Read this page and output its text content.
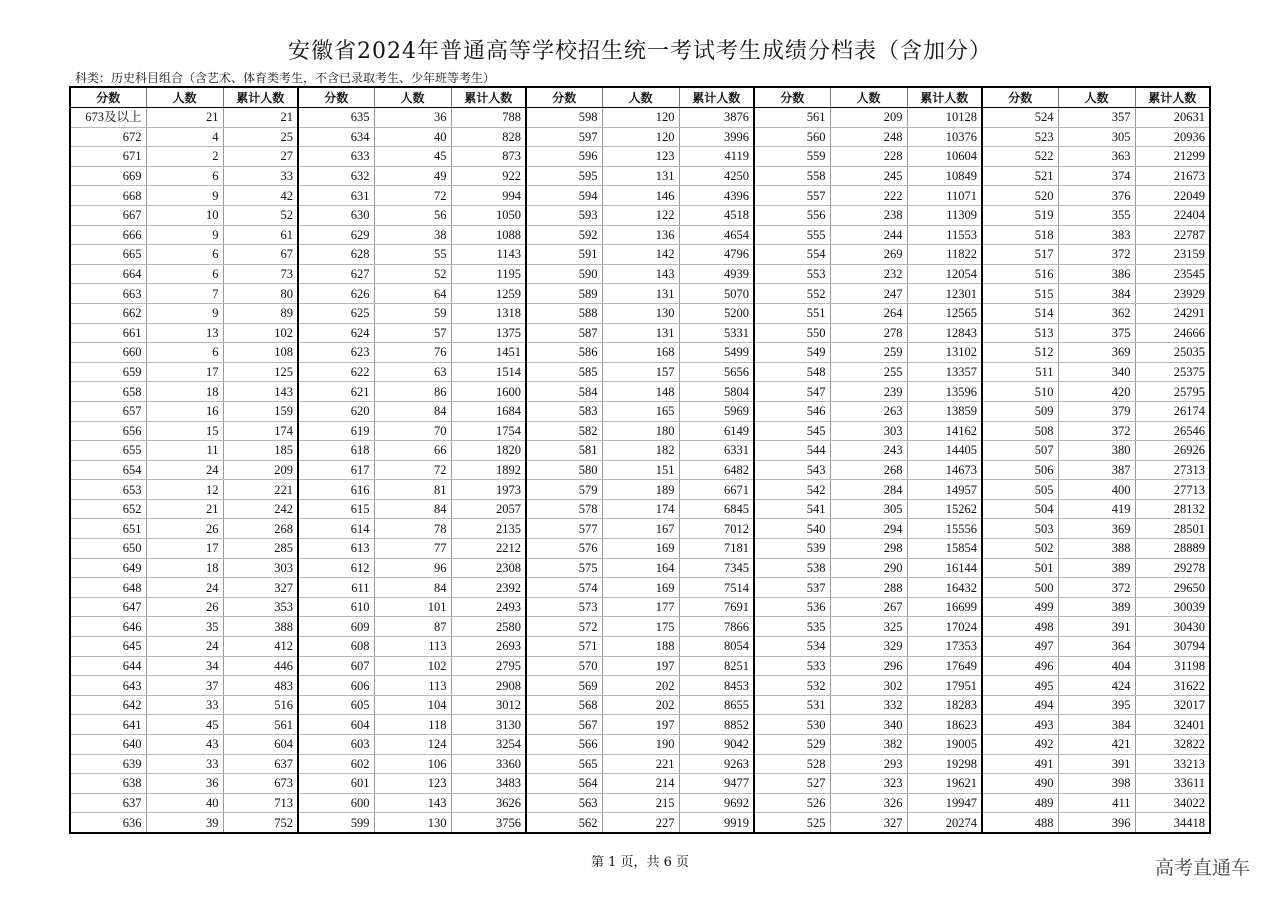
安徽省2024年普通高等学校招生统一考试考生成绩分档表（含加分）
科类：历史科目组合（含艺术、体育类考生，不含已录取考生、少年班等考生）
分数	人数	累计人数	分数	人数	累计人数	分数	人数	累计人数	分数	人数	累计人数	分数	人数	累计人数
673及以上	21	21	635	36	788	598	120	3876	561	209	10128	524	357	20631
672	4	25	634	40	828	597	120	3996	560	248	10376	523	305	20936
671	2	27	633	45	873	596	123	4119	559	228	10604	522	363	21299
669	6	33	632	49	922	595	131	4250	558	245	10849	521	374	21673
668	9	42	631	72	994	594	146	4396	557	222	11071	520	376	22049
667	10	52	630	56	1050	593	122	4518	556	238	11309	519	355	22404
666	9	61	629	38	1088	592	136	4654	555	244	11553	518	383	22787
665	6	67	628	55	1143	591	142	4796	554	269	11822	517	372	23159
664	6	73	627	52	1195	590	143	4939	553	232	12054	516	386	23545
663	7	80	626	64	1259	589	131	5070	552	247	12301	515	384	23929
662	9	89	625	59	1318	588	130	5200	551	264	12565	514	362	24291
661	13	102	624	57	1375	587	131	5331	550	278	12843	513	375	24666
660	6	108	623	76	1451	586	168	5499	549	259	13102	512	369	25035
659	17	125	622	63	1514	585	157	5656	548	255	13357	511	340	25375
658	18	143	621	86	1600	584	148	5804	547	239	13596	510	420	25795
657	16	159	620	84	1684	583	165	5969	546	263	13859	509	379	26174
656	15	174	619	70	1754	582	180	6149	545	303	14162	508	372	26546
655	11	185	618	66	1820	581	182	6331	544	243	14405	507	380	26926
654	24	209	617	72	1892	580	151	6482	543	268	14673	506	387	27313
653	12	221	616	81	1973	579	189	6671	542	284	14957	505	400	27713
652	21	242	615	84	2057	578	174	6845	541	305	15262	504	419	28132
651	26	268	614	78	2135	577	167	7012	540	294	15556	503	369	28501
650	17	285	613	77	2212	576	169	7181	539	298	15854	502	388	28889
649	18	303	612	96	2308	575	164	7345	538	290	16144	501	389	29278
648	24	327	611	84	2392	574	169	7514	537	288	16432	500	372	29650
647	26	353	610	101	2493	573	177	7691	536	267	16699	499	389	30039
646	35	388	609	87	2580	572	175	7866	535	325	17024	498	391	30430
645	24	412	608	113	2693	571	188	8054	534	329	17353	497	364	30794
644	34	446	607	102	2795	570	197	8251	533	296	17649	496	404	31198
643	37	483	606	113	2908	569	202	8453	532	302	17951	495	424	31622
642	33	516	605	104	3012	568	202	8655	531	332	18283	494	395	32017
641	45	561	604	118	3130	567	197	8852	530	340	18623	493	384	32401
640	43	604	603	124	3254	566	190	9042	529	382	19005	492	421	32822
639	33	637	602	106	3360	565	221	9263	528	293	19298	491	391	33213
638	36	673	601	123	3483	564	214	9477	527	323	19621	490	398	33611
637	40	713	600	143	3626	563	215	9692	526	326	19947	489	411	34022
636	39	752	599	130	3756	562	227	9919	525	327	20274	488	396	34418
第 1 页，共 6 页	高考直通车
